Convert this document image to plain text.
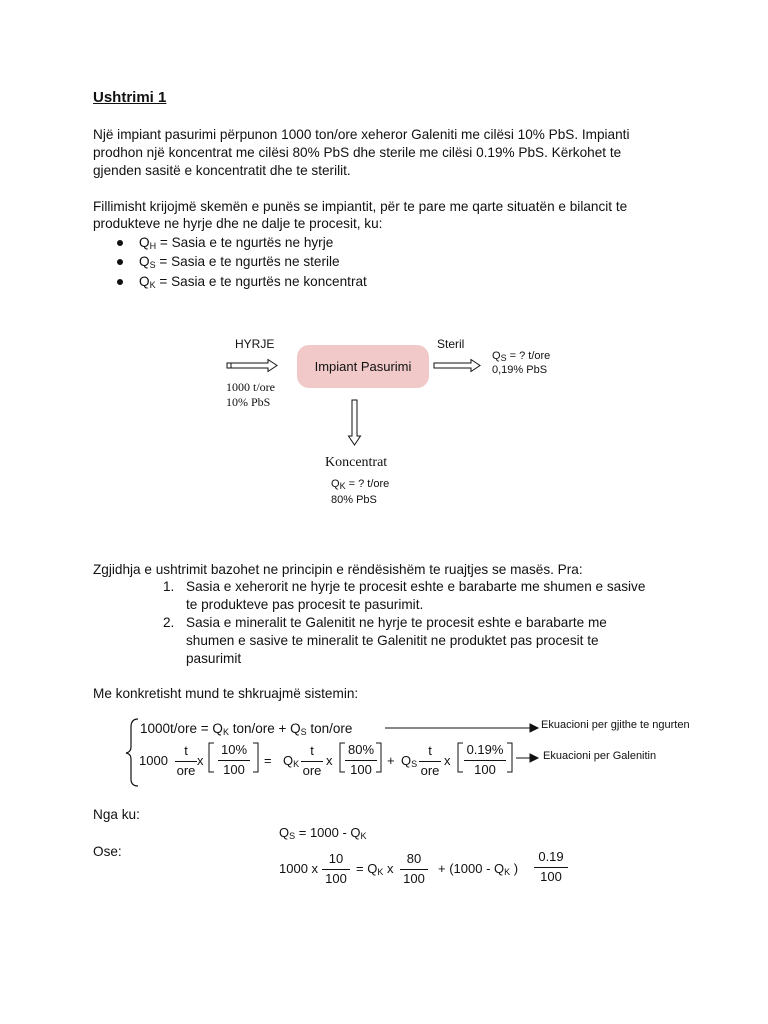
Ushtrimi 1
Një impiant pasurimi përpunon 1000 ton/ore xeheror Galeniti me cilësi 10% PbS. Impianti
prodhon një koncentrat me cilësi 80% PbS dhe sterile me cilësi 0.19% PbS. Kërkohet te
gjenden sasitë e koncentratit dhe te sterilit.
Fillimisht krijojmë skemën e punës se impiantit, për te pare me qarte situatën e bilancit te
produkteve ne hyrje dhe ne dalje te procesit, ku:
$Q_H$ = Sasia e te ngurtës ne hyrje
$Q_S$ = Sasia e te ngurtës ne sterile
$Q_K$ = Sasia e te ngurtës ne koncentrat
HYRJE
1000 t/ore
10% PbS
Impiant Pasurimi
Steril
$Q_S$ = ? t/ore
0,19% PbS
Koncentrat
$Q_K$ = ? t/ore
80% PbS
Zgjidhja e ushtrimit bazohet ne principin e rëndësishëm te ruajtjes se masës. Pra:
1. Sasia e xeherorit ne hyrje te procesit eshte e barabarte me shumen e sasive
te produkteve pas procesit te pasurimit.
2. Sasia e mineralit te Galenitit ne hyrje te procesit eshte e barabarte me
shumen e sasive te mineralit te Galenitit ne produktet pas procesit te
pasurimit
Me konkretisht mund te shkruajmë sistemin:
$1000t/ore = Q_K$ $ton/ore + Q_S$ ton/ore	Ekuacioni per gjithe te ngurten
1000
t
ore
x
10%
100
= $Q_K$
t
ore
x
80%
100
+ $Q_S$
t
ore
x
0.19%
100
Ekuacioni per Galenitin
Nga ku:
$Q_S = 1000 - Q_K$
Ose:
1000 x
10
100
= $Q_K$ x
80
100
+ ($1000 - Q_K$ )
0.19
100
